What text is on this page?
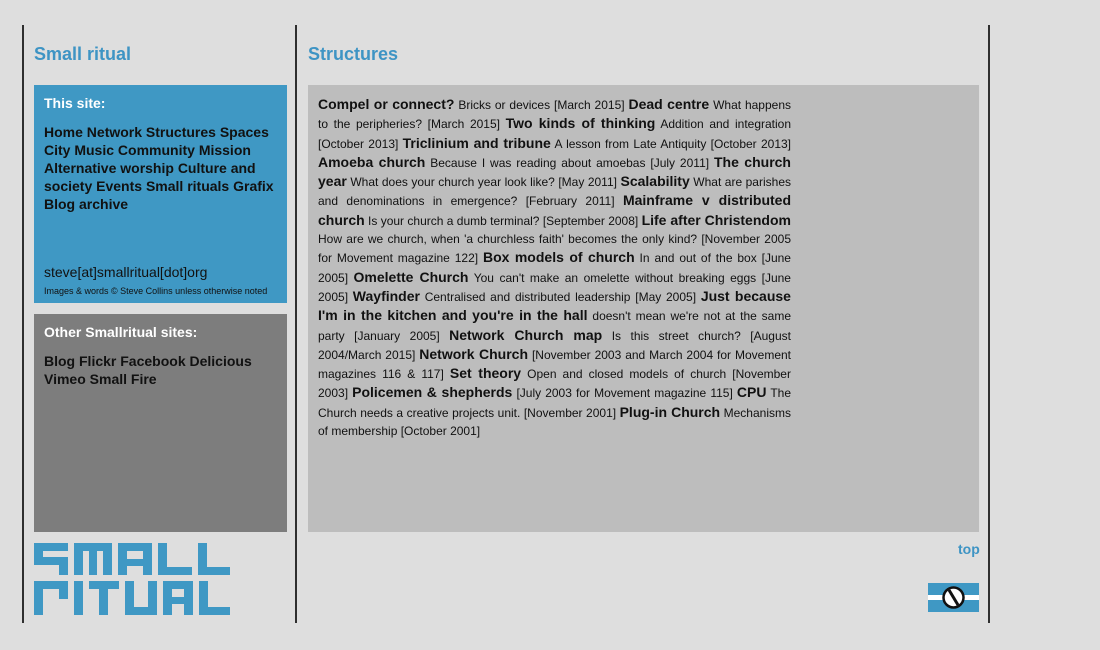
Small ritual	Structures
This site:
Home Network Structures Spaces City Music Community Mission Alternative worship Culture and society Events Small rituals Grafix Blog archive
steve[at]smallritual[dot]org
Images & words © Steve Collins unless otherwise noted
Other Smallritual sites:
Blog Flickr Facebook Delicious Vimeo Small Fire
Compel or connect? Bricks or devices [March 2015] Dead centre What happens to the peripheries? [March 2015] Two kinds of thinking Addition and integration [October 2013] Triclinium and tribune A lesson from Late Antiquity [October 2013] Amoeba church Because I was reading about amoebas [July 2011] The church year What does your church year look like? [May 2011] Scalability What are parishes and denominations in emergence? [February 2011] Mainframe v distributed church Is your church a dumb terminal? [September 2008] Life after Christendom How are we church, when 'a churchless faith' becomes the only kind? [November 2005 for Movement magazine 122] Box models of church In and out of the box [June 2005] Omelette Church You can't make an omelette without breaking eggs [June 2005] Wayfinder Centralised and distributed leadership [May 2005] Just because I'm in the kitchen and you're in the hall doesn't mean we're not at the same party [January 2005] Network Church map Is this street church? [August 2004/March 2015] Network Church [November 2003 and March 2004 for Movement magazines 116 & 117] Set theory Open and closed models of church [November 2003] Policemen & shepherds [July 2003 for Movement magazine 115] CPU The Church needs a creative projects unit. [November 2001] Plug-in Church Mechanisms of membership [October 2001]
top
